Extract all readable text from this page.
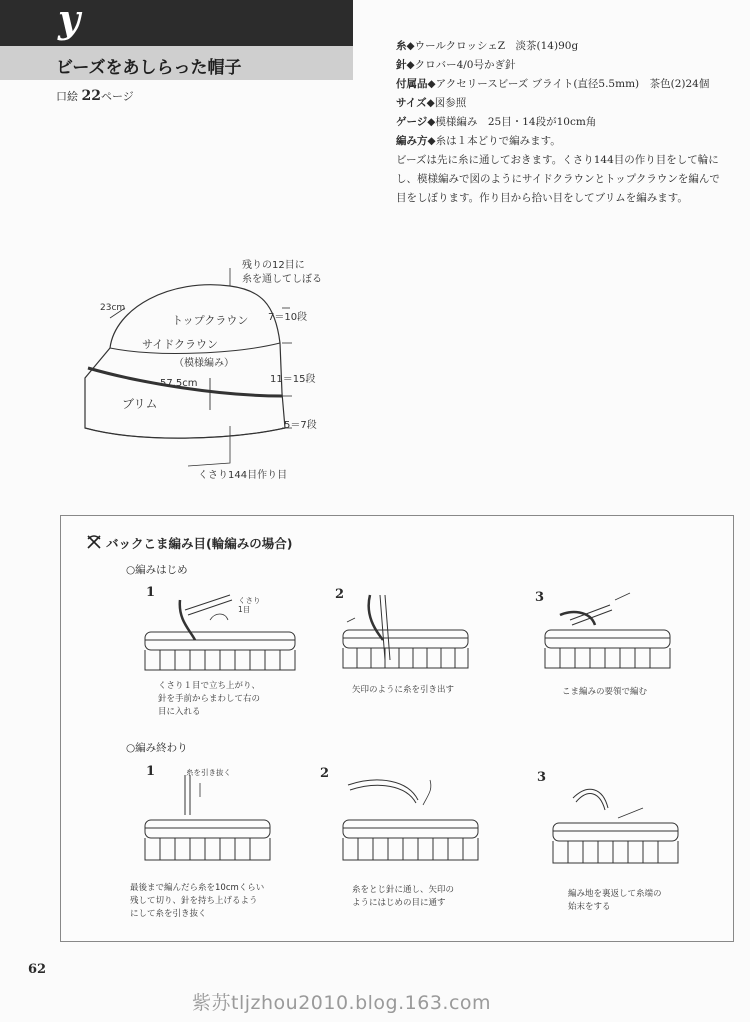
y
ビーズをあしらった帽子
口絵 22ページ
糸◆ウールクロッシェZ　淡茶(14)90g
針◆クロバー4/0号かぎ針
付属品◆アクセリースビーズ ブライト(直径5.5mm)　茶色(2)24個
サイズ◆図参照
ゲージ◆模様編み　25目・14段が10cm角
編み方◆糸は１本どりで編みます。
ビーズは先に糸に通しておきます。くさり144目の作り目をして輪に
し、模様編みで図のようにサイドクラウンとトップクラウンを編んで
目をしぼります。作り目から拾い目をしてブリムを編みます。
残りの12目に
糸を通してしぼる
23cm
トップクラウン
サイドクラウン
（模様編み）
57.5cm
ブリム
7＝10段
11＝15段
5＝7段
くさり144目作り目
バックこま編み目(輪編みの場合)
○編みはじめ
○編み終わり
1	2	3
くさり
1目
くさり１目で立ち上がり、
針を手前からまわして右の
目に入れる
矢印のように糸を引き出す	こま編みの要領で編む
1	2	3
糸を引き抜く
最後まで編んだら糸を10cmくらい
残して切り、針を持ち上げるよう
にして糸を引き抜く
糸をとじ針に通し、矢印の
ようにはじめの目に通す
編み地を裏返して糸端の
始末をする
62
紫苏tljzhou2010.blog.163.com
